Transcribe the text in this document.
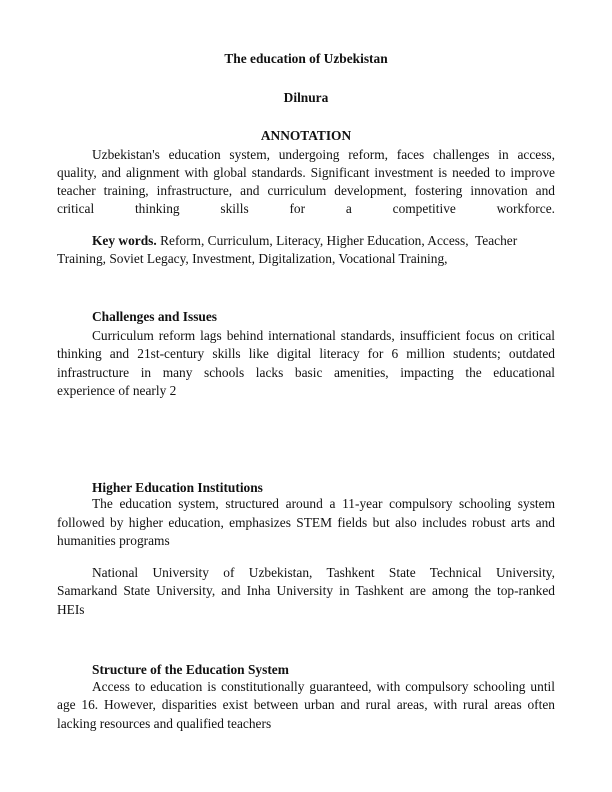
The education of Uzbekistan
Dilnura
ANNOTATION
Uzbekistan's education system, undergoing reform, faces challenges in access,
quality, and alignment with global standards. Significant investment is needed to improve
teacher training, infrastructure, and curriculum development, fostering innovation and
critical thinking skills for a competitive workforce.
Key words. Reform, Curriculum, Literacy, Higher Education, Access,  Teacher
Training, Soviet Legacy, Investment, Digitalization, Vocational Training,
Challenges and Issues
Curriculum reform lags behind international standards, insufficient focus on critical
thinking and 21st-century skills like digital literacy for 6 million students; outdated
infrastructure in many schools lacks basic amenities, impacting the educational
experience of nearly 2
Higher Education Institutions
The education system, structured around a 11-year compulsory schooling system
followed by higher education, emphasizes STEM fields but also includes robust arts and
humanities programs
National University of Uzbekistan, Tashkent State Technical University,
Samarkand State University, and Inha University in Tashkent are among the top-ranked
HEIs
Structure of the Education System
Access to education is constitutionally guaranteed, with compulsory schooling until
age 16. However, disparities exist between urban and rural areas, with rural areas often
lacking resources and qualified teachers
